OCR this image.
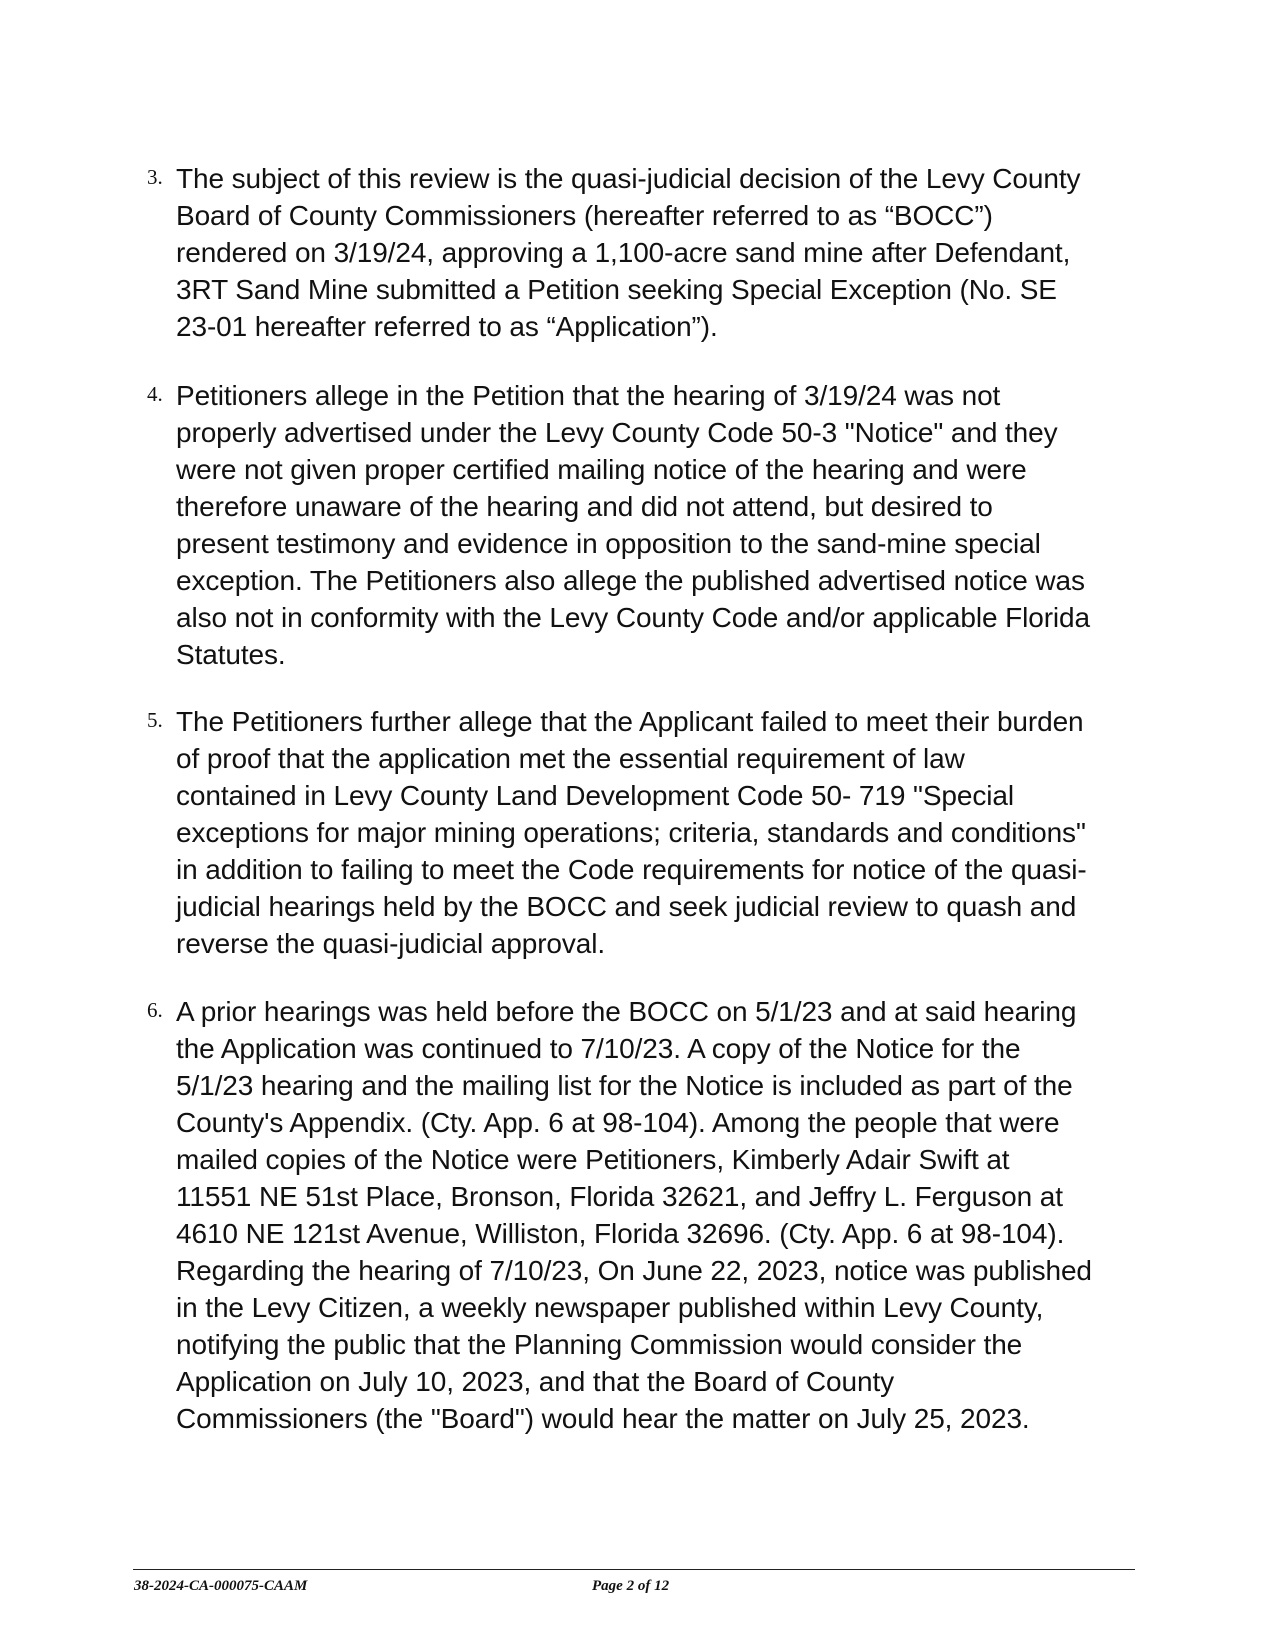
3. The subject of this review is the quasi-judicial decision of the Levy County
Board of County Commissioners (hereafter referred to as “BOCC”)
rendered on 3/19/24, approving a 1,100-acre sand mine after Defendant,
3RT Sand Mine submitted a Petition seeking Special Exception (No. SE
23-01 hereafter referred to as “Application”).
4. Petitioners allege in the Petition that the hearing of 3/19/24 was not
properly advertised under the Levy County Code 50-3 "Notice" and they
were not given proper certified mailing notice of the hearing and were
therefore unaware of the hearing and did not attend, but desired to
present testimony and evidence in opposition to the sand-mine special
exception. The Petitioners also allege the published advertised notice was
also not in conformity with the Levy County Code and/or applicable Florida
Statutes.
5. The Petitioners further allege that the Applicant failed to meet their burden
of proof that the application met the essential requirement of law
contained in Levy County Land Development Code 50- 719 "Special
exceptions for major mining operations; criteria, standards and conditions"
in addition to failing to meet the Code requirements for notice of the quasi-
judicial hearings held by the BOCC and seek judicial review to quash and
reverse the quasi-judicial approval.
6. A prior hearings was held before the BOCC on 5/1/23 and at said hearing
the Application was continued to 7/10/23. A copy of the Notice for the
5/1/23 hearing and the mailing list for the Notice is included as part of the
County's Appendix. (Cty. App. 6 at 98-104). Among the people that were
mailed copies of the Notice were Petitioners, Kimberly Adair Swift at
11551 NE 51st Place, Bronson, Florida 32621, and Jeffry L. Ferguson at
4610 NE 121st Avenue, Williston, Florida 32696. (Cty. App. 6 at 98-104).
Regarding the hearing of 7/10/23, On June 22, 2023, notice was published
in the Levy Citizen, a weekly newspaper published within Levy County,
notifying the public that the Planning Commission would consider the
Application on July 10, 2023, and that the Board of County
Commissioners (the "Board") would hear the matter on July 25, 2023.
38-2024-CA-000075-CAAM	Page 2 of 12
